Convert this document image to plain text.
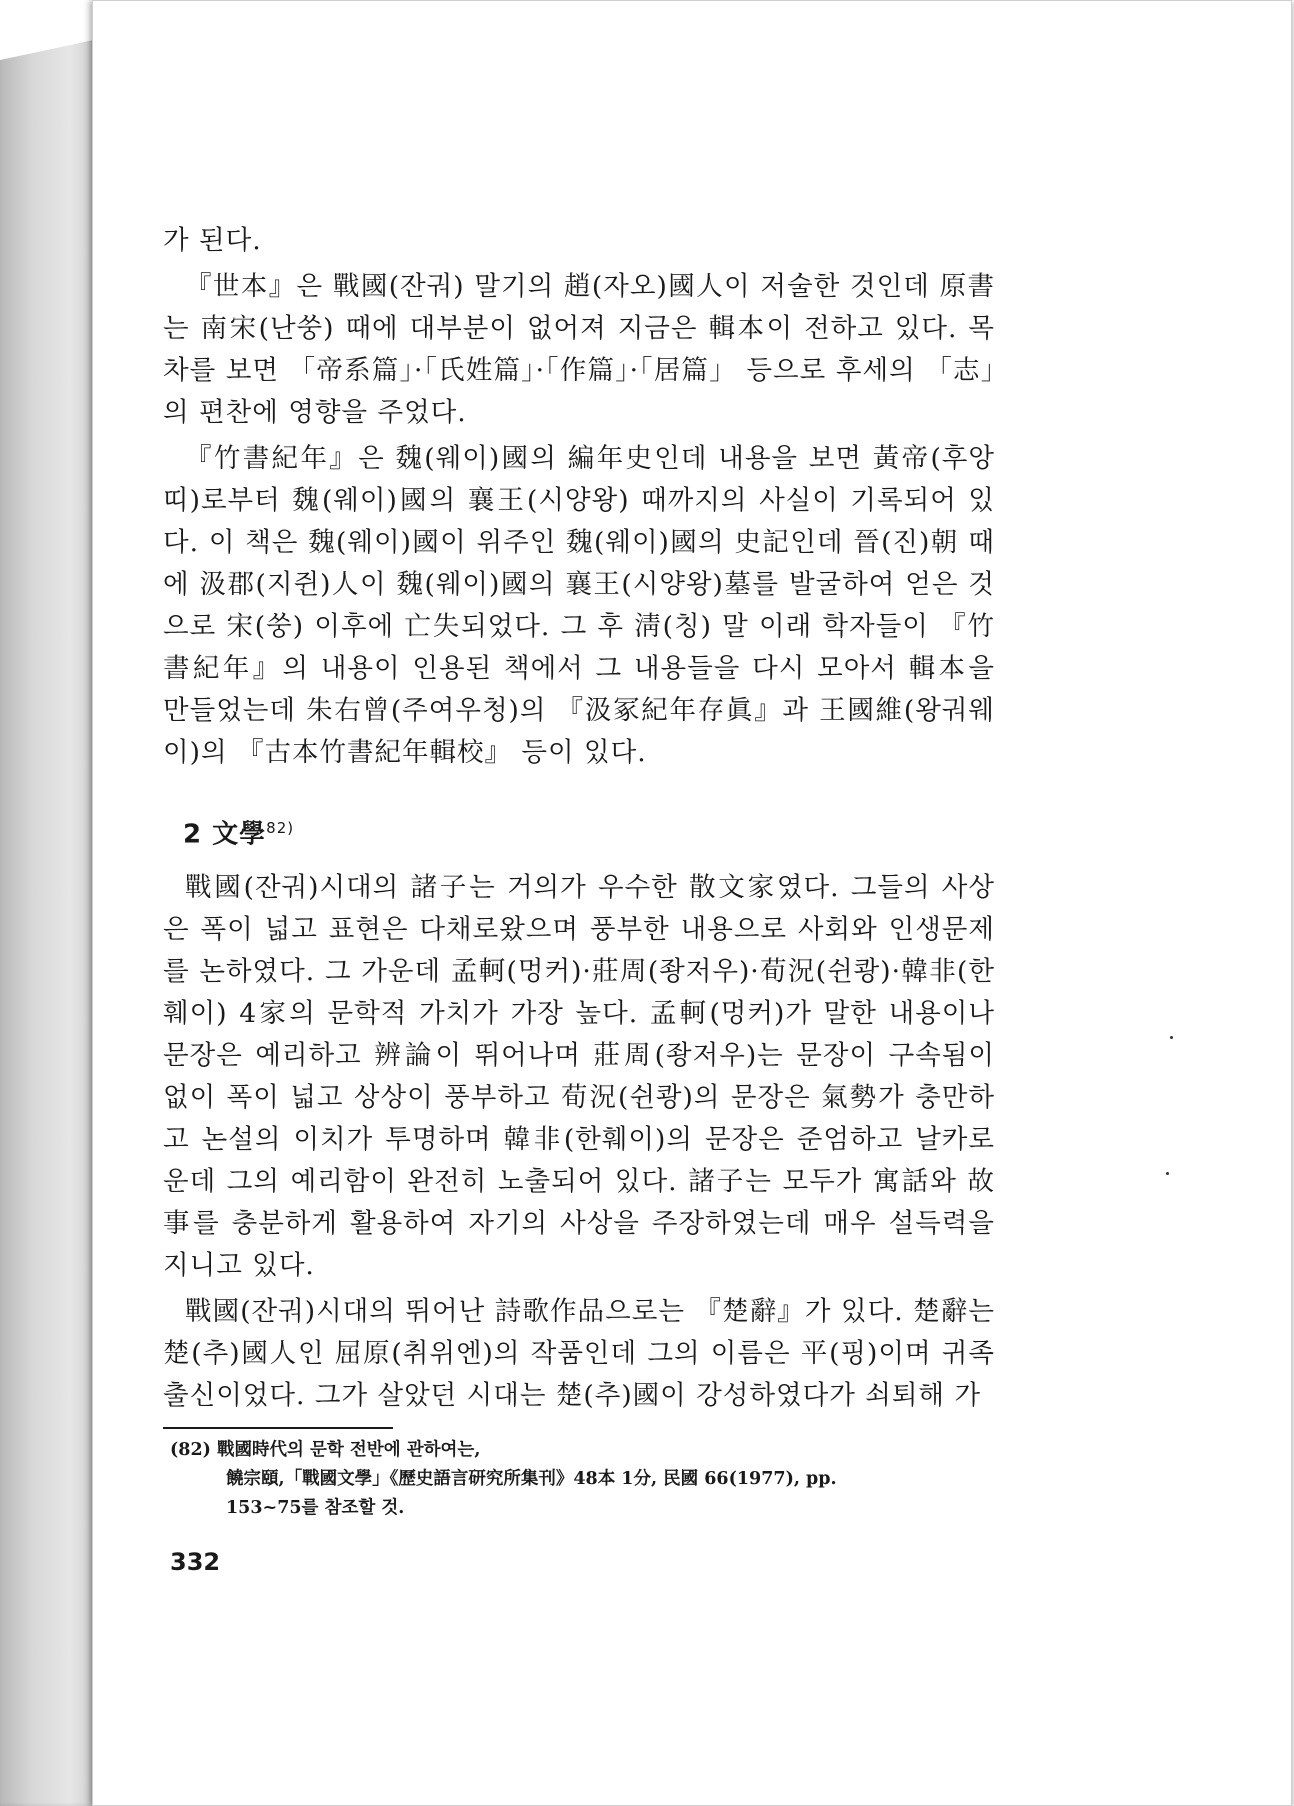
가 된다.

『世本』은 戰國(잔궈) 말기의 趙(자오)國人이 저술한 것인데 原書는 南宋(난쑹) 때에 대부분이 없어져 지금은 輯本이 전하고 있다. 목차를 보면 「帝系篇」·「氏姓篇」·「作篇」·「居篇」 등으로 후세의 「志」의 편찬에 영향을 주었다.

『竹書紀年』은 魏(웨이)國의 編年史인데 내용을 보면 黃帝(후앙띠)로부터 魏(웨이)國의 襄王(시양왕) 때까지의 사실이 기록되어 있다. 이 책은 魏(웨이)國이 위주인 魏(웨이)國의 史記인데 晉(진)朝 때에 汲郡(지쥔)人이 魏(웨이)國의 襄王(시양왕)墓를 발굴하여 얻은 것으로 宋(쑹) 이후에 亡失되었다. 그 후 淸(칭) 말 이래 학자들이 『竹書紀年』의 내용이 인용된 책에서 그 내용들을 다시 모아서 輯本을 만들었는데 朱右曾(주여우청)의 『汲冢紀年存眞』과 王國維(왕궈웨이)의 『古本竹書紀年輯校』 등이 있다.

2 文學$^{82)}$

戰國(잔궈)시대의 諸子는 거의가 우수한 散文家였다. 그들의 사상은 폭이 넓고 표현은 다채로왔으며 풍부한 내용으로 사회와 인생문제를 논하였다. 그 가운데 孟軻(멍커)·莊周(좡저우)·荀況(쉰쾅)·韓非(한훼이) 4家의 문학적 가치가 가장 높다. 孟軻(멍커)가 말한 내용이나 문장은 예리하고 辨論이 뛰어나며 莊周(좡저우)는 문장이 구속됨이 없이 폭이 넓고 상상이 풍부하고 荀況(쉰쾅)의 문장은 氣勢가 충만하고 논설의 이치가 투명하며 韓非(한훼이)의 문장은 준엄하고 날카로운데 그의 예리함이 완전히 노출되어 있다. 諸子는 모두가 寓話와 故事를 충분하게 활용하여 자기의 사상을 주장하였는데 매우 설득력을 지니고 있다.

戰國(잔궈)시대의 뛰어난 詩歌作品으로는 『楚辭』가 있다. 楚辭는 楚(추)國人인 屈原(취위엔)의 작품인데 그의 이름은 平(핑)이며 귀족출신이었다. 그가 살았던 시대는 楚(추)國이 강성하였다가 쇠퇴해 가

(82) 戰國時代의 문학 전반에 관하여는,
饒宗頤,「戰國文學」《歷史語言研究所集刊》48本 1分, 民國 66(1977), pp.
153~75를 참조할 것.
332
